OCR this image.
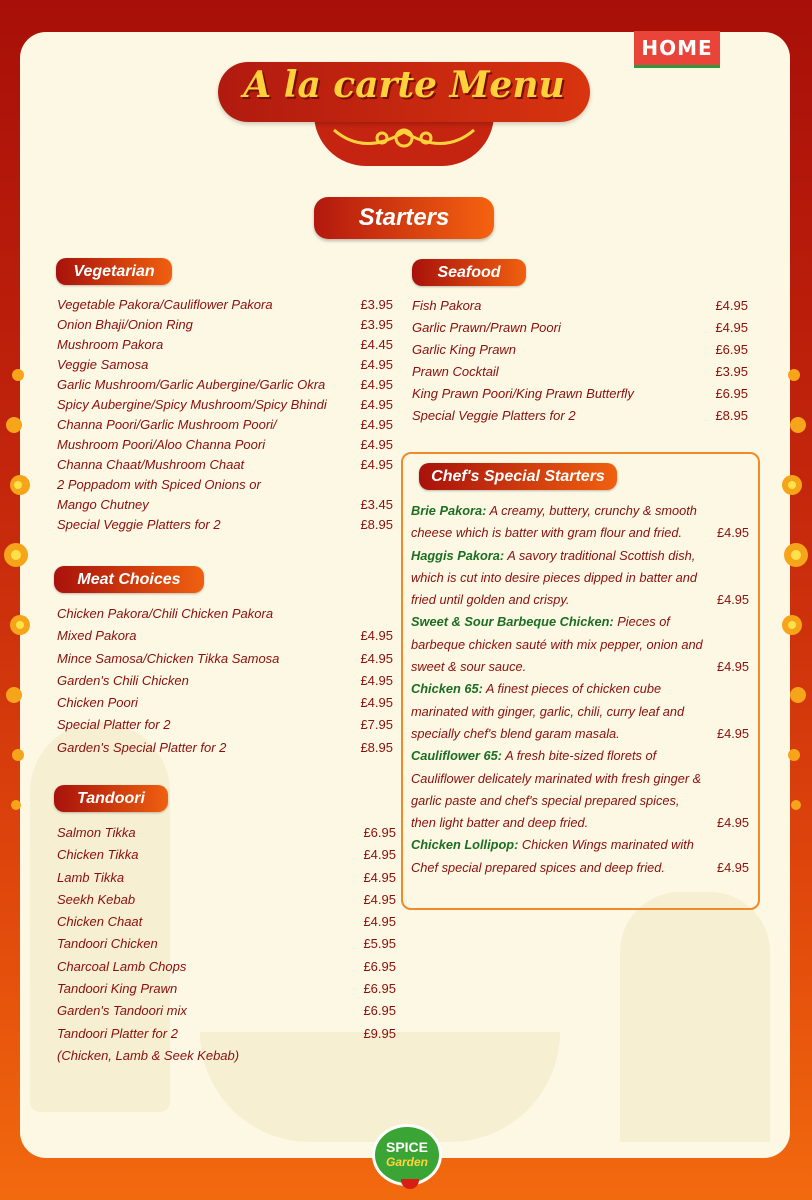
HOME
A la carte Menu
Starters
Vegetarian
Vegetable Pakora/Cauliflower Pakora	£3.95
Onion Bhaji/Onion Ring	£3.95
Mushroom Pakora	£4.45
Veggie Samosa	£4.95
Garlic Mushroom/Garlic Aubergine/Garlic Okra	£4.95
Spicy Aubergine/Spicy Mushroom/Spicy Bhindi	£4.95
Channa Poori/Garlic Mushroom Poori/	£4.95
Mushroom Poori/Aloo Channa Poori	£4.95
Channa Chaat/Mushroom Chaat	£4.95
2 Poppadom with Spiced Onions or
Mango Chutney	£3.45
Special Veggie Platters for 2	£8.95
Meat Choices
Chicken Pakora/Chili Chicken Pakora
Mixed Pakora	£4.95
Mince Samosa/Chicken Tikka Samosa	£4.95
Garden's Chili Chicken	£4.95
Chicken Poori	£4.95
Special Platter for 2	£7.95
Garden's Special Platter for 2	£8.95
Tandoori
Salmon Tikka	£6.95
Chicken Tikka	£4.95
Lamb Tikka	£4.95
Seekh Kebab	£4.95
Chicken Chaat	£4.95
Tandoori Chicken	£5.95
Charcoal Lamb Chops	£6.95
Tandoori King Prawn	£6.95
Garden's Tandoori mix	£6.95
Tandoori Platter for 2	£9.95
(Chicken, Lamb & Seek Kebab)
Seafood
Fish Pakora	£4.95
Garlic Prawn/Prawn Poori	£4.95
Garlic King Prawn	£6.95
Prawn Cocktail	£3.95
King Prawn Poori/King Prawn Butterfly	£6.95
Special Veggie Platters for 2	£8.95
Chef's Special Starters
Brie Pakora: A creamy, buttery, crunchy & smooth cheese which is batter with gram flour and fried.	£4.95
Haggis Pakora: A savory traditional Scottish dish, which is cut into desire pieces dipped in batter and fried until golden and crispy.	£4.95
Sweet & Sour Barbeque Chicken: Pieces of barbeque chicken sauté with mix pepper, onion and sweet & sour sauce.	£4.95
Chicken 65: A finest pieces of chicken cube marinated with ginger, garlic, chili, curry leaf and specially chef's blend garam masala.	£4.95
Cauliflower 65: A fresh bite-sized florets of Cauliflower delicately marinated with fresh ginger & garlic paste and chef's special prepared spices, then light batter and deep fried.	£4.95
Chicken Lollipop: Chicken Wings marinated with Chef special prepared spices and deep fried.	£4.95
SPICE
Garden
